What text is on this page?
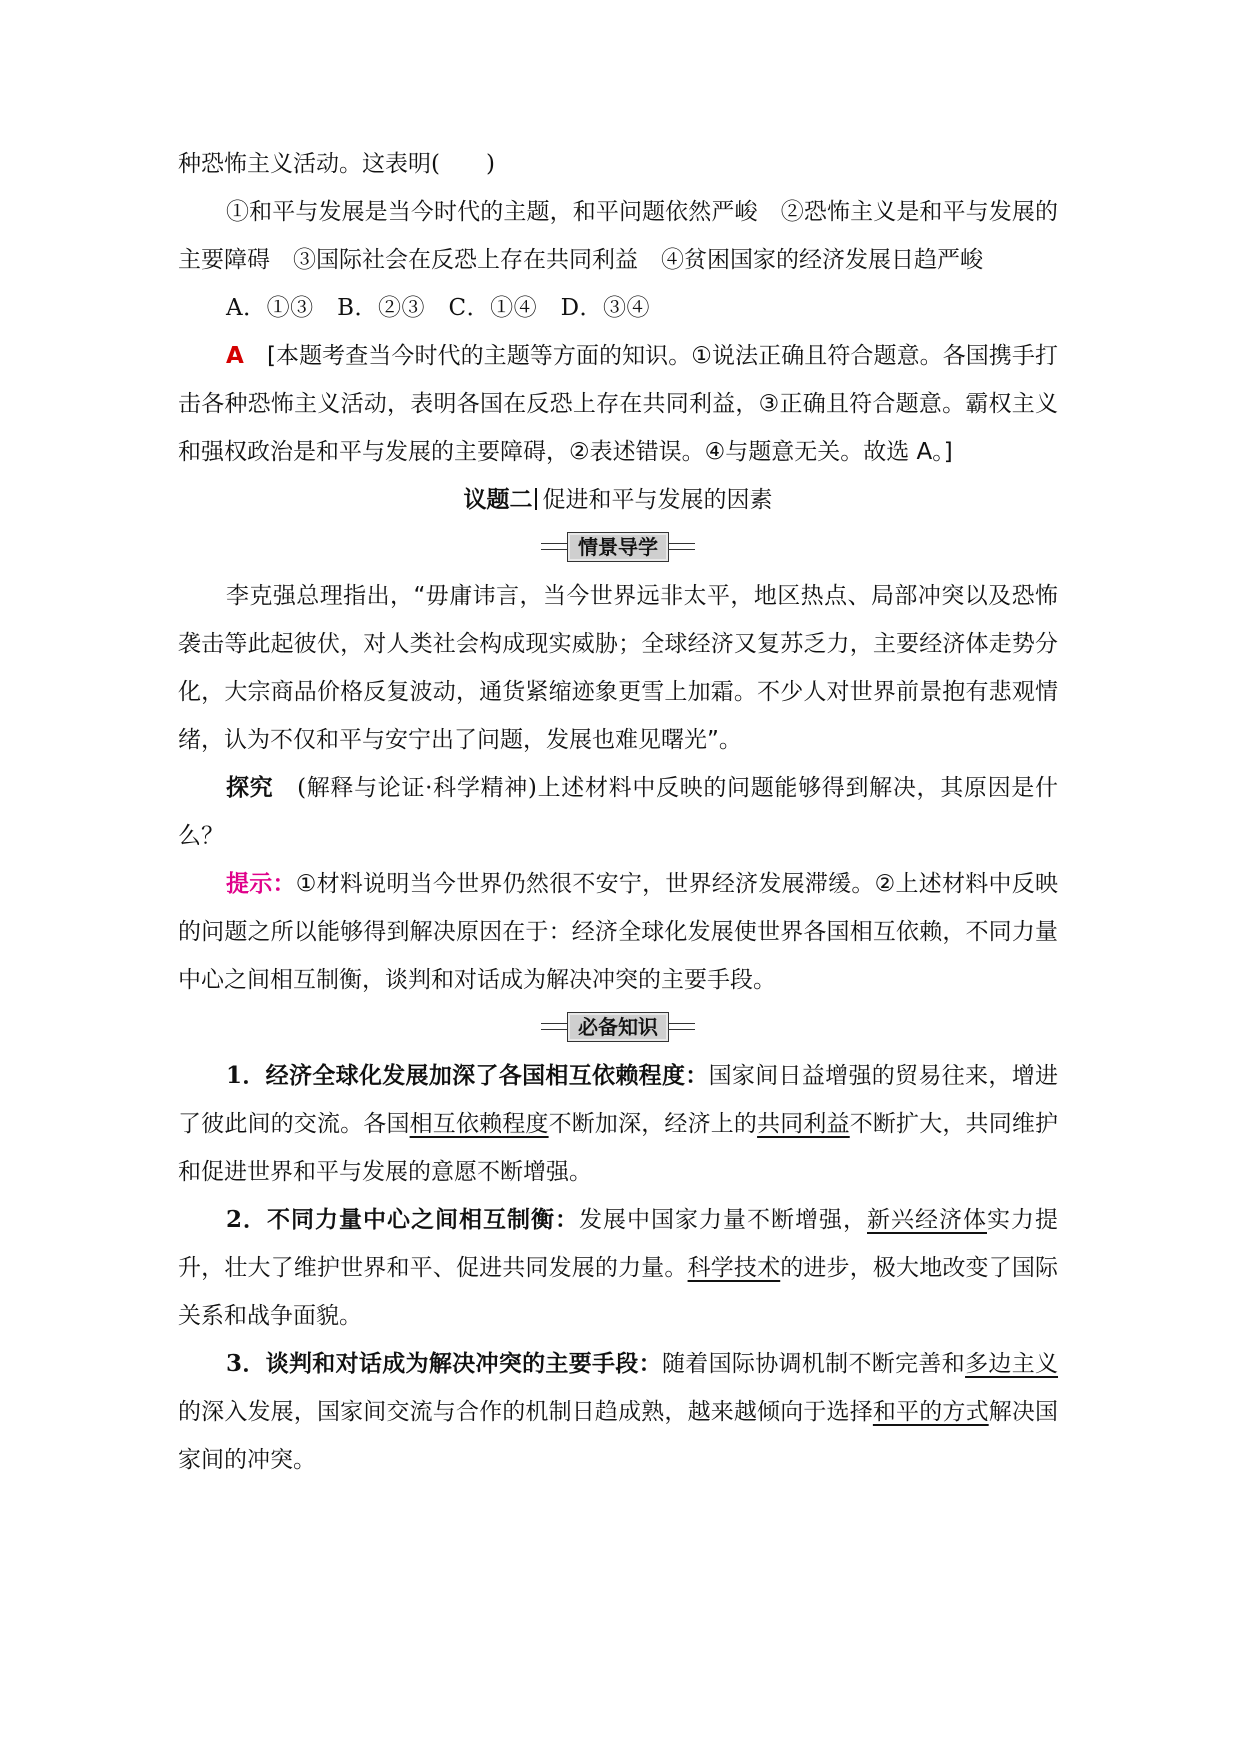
种恐怖主义活动。这表明(　　)

①和平与发展是当今时代的主题，和平问题依然严峻　②恐怖主义是和平与发展的主要障碍　③国际社会在反恐上存在共同利益　④贫困国家的经济发展日趋严峻

A．①③　B．②③　C．①④　D．③④

A　 [本题考查当今时代的主题等方面的知识。①说法正确且符合题意。各国携手打击各种恐怖主义活动，表明各国在反恐上存在共同利益，③正确且符合题意。霸权主义和强权政治是和平与发展的主要障碍，②表述错误。④与题意无关。故选 A。]

议题二 促进和平与发展的因素

情景导学

李克强总理指出，“毋庸讳言，当今世界远非太平，地区热点、局部冲突以及恐怖袭击等此起彼伏，对人类社会构成现实威胁；全球经济又复苏乏力，主要经济体走势分化，大宗商品价格反复波动，通货紧缩迹象更雪上加霜。不少人对世界前景抱有悲观情绪，认为不仅和平与安宁出了问题，发展也难见曙光”。

探究　 (解释与论证·科学精神)上述材料中反映的问题能够得到解决，其原因是什么？

提示：①材料说明当今世界仍然很不安宁，世界经济发展滞缓。②上述材料中反映的问题之所以能够得到解决原因在于：经济全球化发展使世界各国相互依赖，不同力量中心之间相互制衡，谈判和对话成为解决冲突的主要手段。

必备知识

1．经济全球化发展加深了各国相互依赖程度：国家间日益增强的贸易往来，增进了彼此间的交流。各国相互依赖程度不断加深，经济上的共同利益不断扩大，共同维护和促进世界和平与发展的意愿不断增强。

2．不同力量中心之间相互制衡：发展中国家力量不断增强，新兴经济体实力提升，壮大了维护世界和平、促进共同发展的力量。科学技术的进步，极大地改变了国际关系和战争面貌。

3．谈判和对话成为解决冲突的主要手段：随着国际协调机制不断完善和多边主义的深入发展，国家间交流与合作的机制日趋成熟，越来越倾向于选择和平的方式解决国家间的冲突。
